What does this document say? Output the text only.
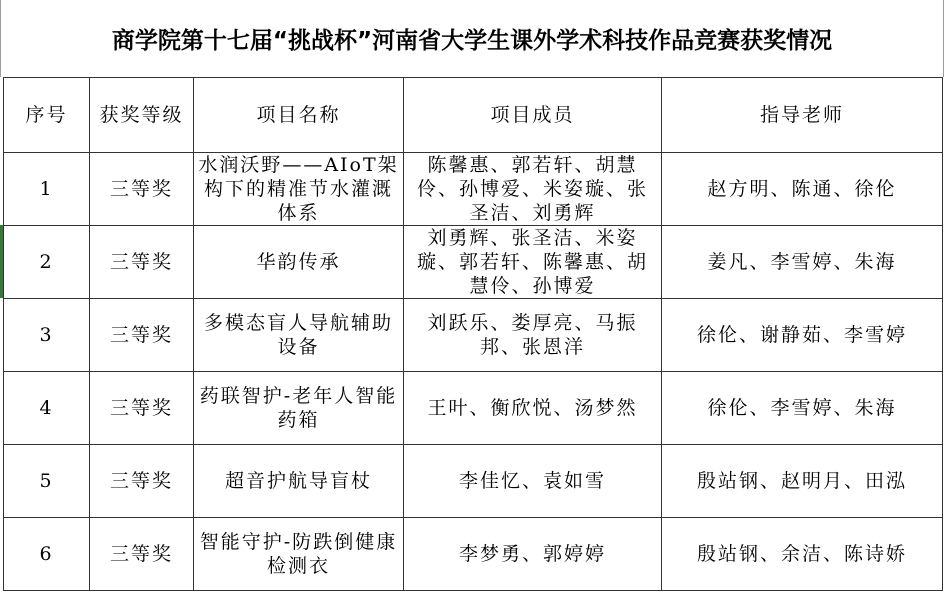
商学院第十七届“挑战杯”河南省大学生课外学术科技作品竞赛获奖情况
序号	获奖等级	项目名称	项目成员	指导老师
1	三等奖	水润沃野——AIoT架构下的精准节水灌溉体系	陈馨惠、郭若轩、胡慧伶、孙博爱、米姿璇、张圣洁、刘勇辉	赵方明、陈通、徐伦
2	三等奖	华韵传承	刘勇辉、张圣洁、米姿璇、郭若轩、陈馨惠、胡慧伶、孙博爱	姜凡、李雪婷、朱海
3	三等奖	多模态盲人导航辅助设备	刘跃乐、娄厚亮、马振邦、张恩洋	徐伦、谢静茹、李雪婷
4	三等奖	药联智护-老年人智能药箱	王叶、衡欣悦、汤梦然	徐伦、李雪婷、朱海
5	三等奖	超音护航导盲杖	李佳忆、袁如雪	殷站钢、赵明月、田泓
6	三等奖	智能守护-防跌倒健康检测衣	李梦勇、郭婷婷	殷站钢、余洁、陈诗娇
